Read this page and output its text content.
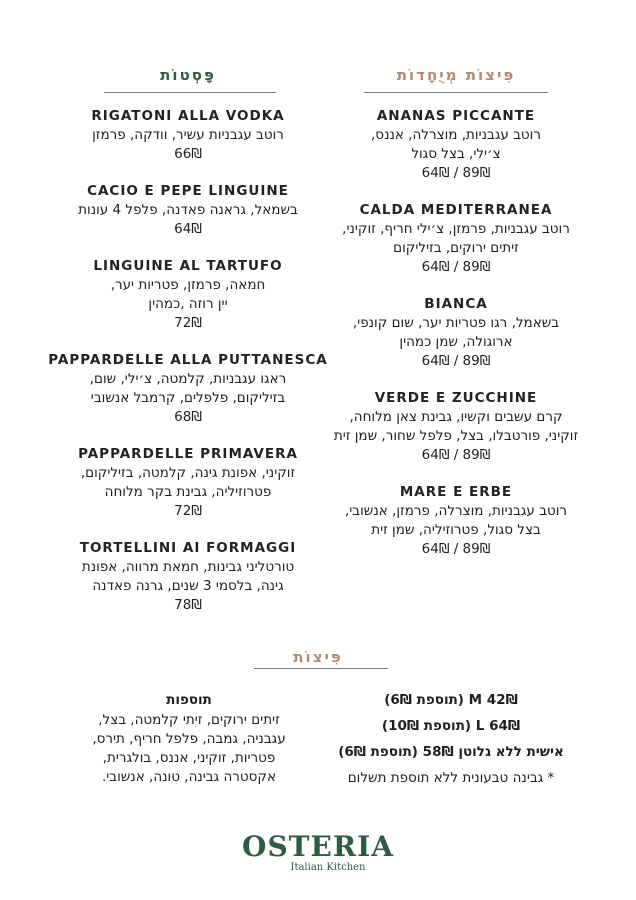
פִּיצוֹת מְיֻחָדוֹת
ANANAS PICCANTE
רוטב עגבניות, מוצרלה, אננס,
צ׳ילי, בצל סגול
64₪ / 89₪
CALDA MEDITERRANEA
רוטב עגבניות, פרמזן, צ׳ילי חריף, זוקיני,
זיתים ירוקים, בזיליקום
64₪ / 89₪
BIANCA
בשאמל, רגו פטריות יער, שום קונפי,
ארוגולה, שמן כמהין
64₪ / 89₪
VERDE E ZUCCHINE
קרם עשבים וקשיו, גבינת צאן מלוחה,
זוקיני, פורטבלו, בצל, פלפל שחור, שמן זית
64₪ / 89₪
MARE E ERBE
רוטב עגבניות, מוצרלה, פרמזן, אנשובי,
בצל סגול, פטרוזיליה, שמן זית
64₪ / 89₪
פָּסְטוֹת
RIGATONI ALLA VODKA
רוטב עגבניות עשיר, וודקה, פרמזן
66₪
CACIO E PEPE LINGUINE
בשמאל, גראנה פאדנה, פלפל 4 עונות
64₪
LINGUINE AL TARTUFO
חמאה, פרמזן, פטריות יער,
יין רוזה ,כמהין
72₪
PAPPARDELLE ALLA PUTTANESCA
ראגו עגבניות, קלמטה, צ׳ילי, שום,
בזיליקום, פלפלים, קרמבל אנשובי
68₪
PAPPARDELLE PRIMAVERA
זוקיני, אפונת גינה, קלמטה, בזיליקום,
פטרוזיליה, גבינת בקר מלוחה
72₪
TORTELLINI AI FORMAGGI
טורטליני גבינות, חמאת מרווה, אפונת
גינה, בלסמי 3 שנים, גרנה פאדנה
78₪
פִּיצוֹת
M 42₪ (תוספת 6₪)
L 64₪ (תוספת 10₪)
אישית ללא גלוטן 58₪ (תוספת 6₪)
* גבינה טבעונית ללא תוספת תשלום
תוספות
זיתים ירוקים, זיתי קלמטה, בצל,
עגבניה, גמבה, פלפל חריף, תירס,
פטריות, זוקיני, אננס, בולגרית,
אקסטרה גבינה, טונה, אנשובי.
OSTERIA
Italian Kitchen
